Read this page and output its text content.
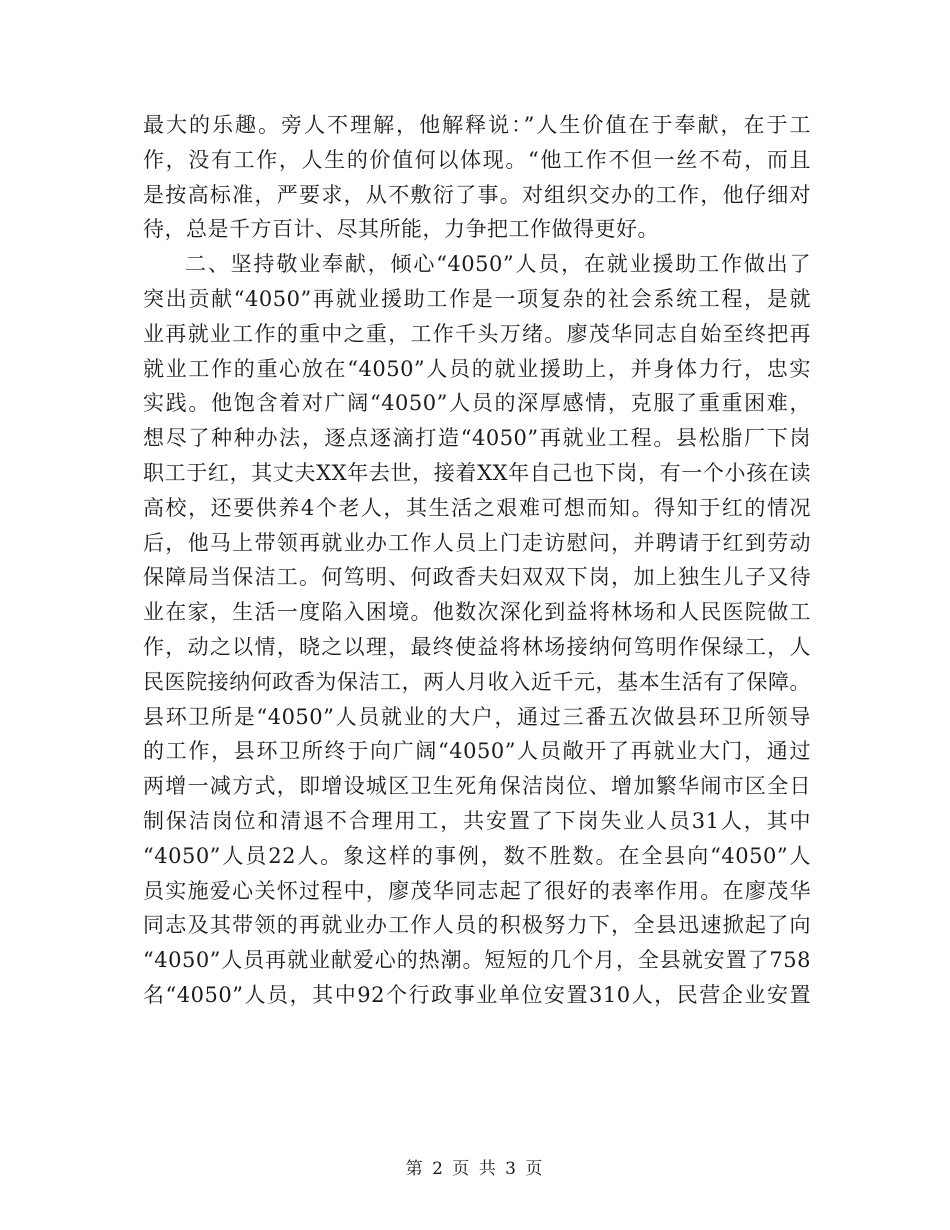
最大的乐趣。旁人不理解，他解释说：”人生价值在于奉献，在于工
作，没有工作，人生的价值何以体现。“他工作不但一丝不苟，而且
是按高标准，严要求，从不敷衍了事。对组织交办的工作，他仔细对
待，总是千方百计、尽其所能，力争把工作做得更好。
二、坚持敬业奉献，倾心“4050”人员，在就业援助工作做出了
突出贡献“4050”再就业援助工作是一项复杂的社会系统工程，是就
业再就业工作的重中之重，工作千头万绪。廖茂华同志自始至终把再
就业工作的重心放在“4050”人员的就业援助上，并身体力行，忠实
实践。他饱含着对广阔“4050”人员的深厚感情，克服了重重困难，
想尽了种种办法，逐点逐滴打造“4050”再就业工程。县松脂厂下岗
职工于红，其丈夫XX年去世，接着XX年自己也下岗，有一个小孩在读
高校，还要供养4个老人，其生活之艰难可想而知。得知于红的情况
后，他马上带领再就业办工作人员上门走访慰问，并聘请于红到劳动
保障局当保洁工。何笃明、何政香夫妇双双下岗，加上独生儿子又待
业在家，生活一度陷入困境。他数次深化到益将林场和人民医院做工
作，动之以情，晓之以理，最终使益将林场接纳何笃明作保绿工，人
民医院接纳何政香为保洁工，两人月收入近千元，基本生活有了保障。
县环卫所是“4050”人员就业的大户，通过三番五次做县环卫所领导
的工作，县环卫所终于向广阔“4050”人员敞开了再就业大门，通过
两增一减方式，即增设城区卫生死角保洁岗位、增加繁华闹市区全日
制保洁岗位和清退不合理用工，共安置了下岗失业人员31人，其中
“4050”人员22人。象这样的事例，数不胜数。在全县向“4050”人
员实施爱心关怀过程中，廖茂华同志起了很好的表率作用。在廖茂华
同志及其带领的再就业办工作人员的积极努力下，全县迅速掀起了向
“4050”人员再就业献爱心的热潮。短短的几个月，全县就安置了758
名“4050”人员，其中92个行政事业单位安置310人，民营企业安置
第 2 页 共 3 页
